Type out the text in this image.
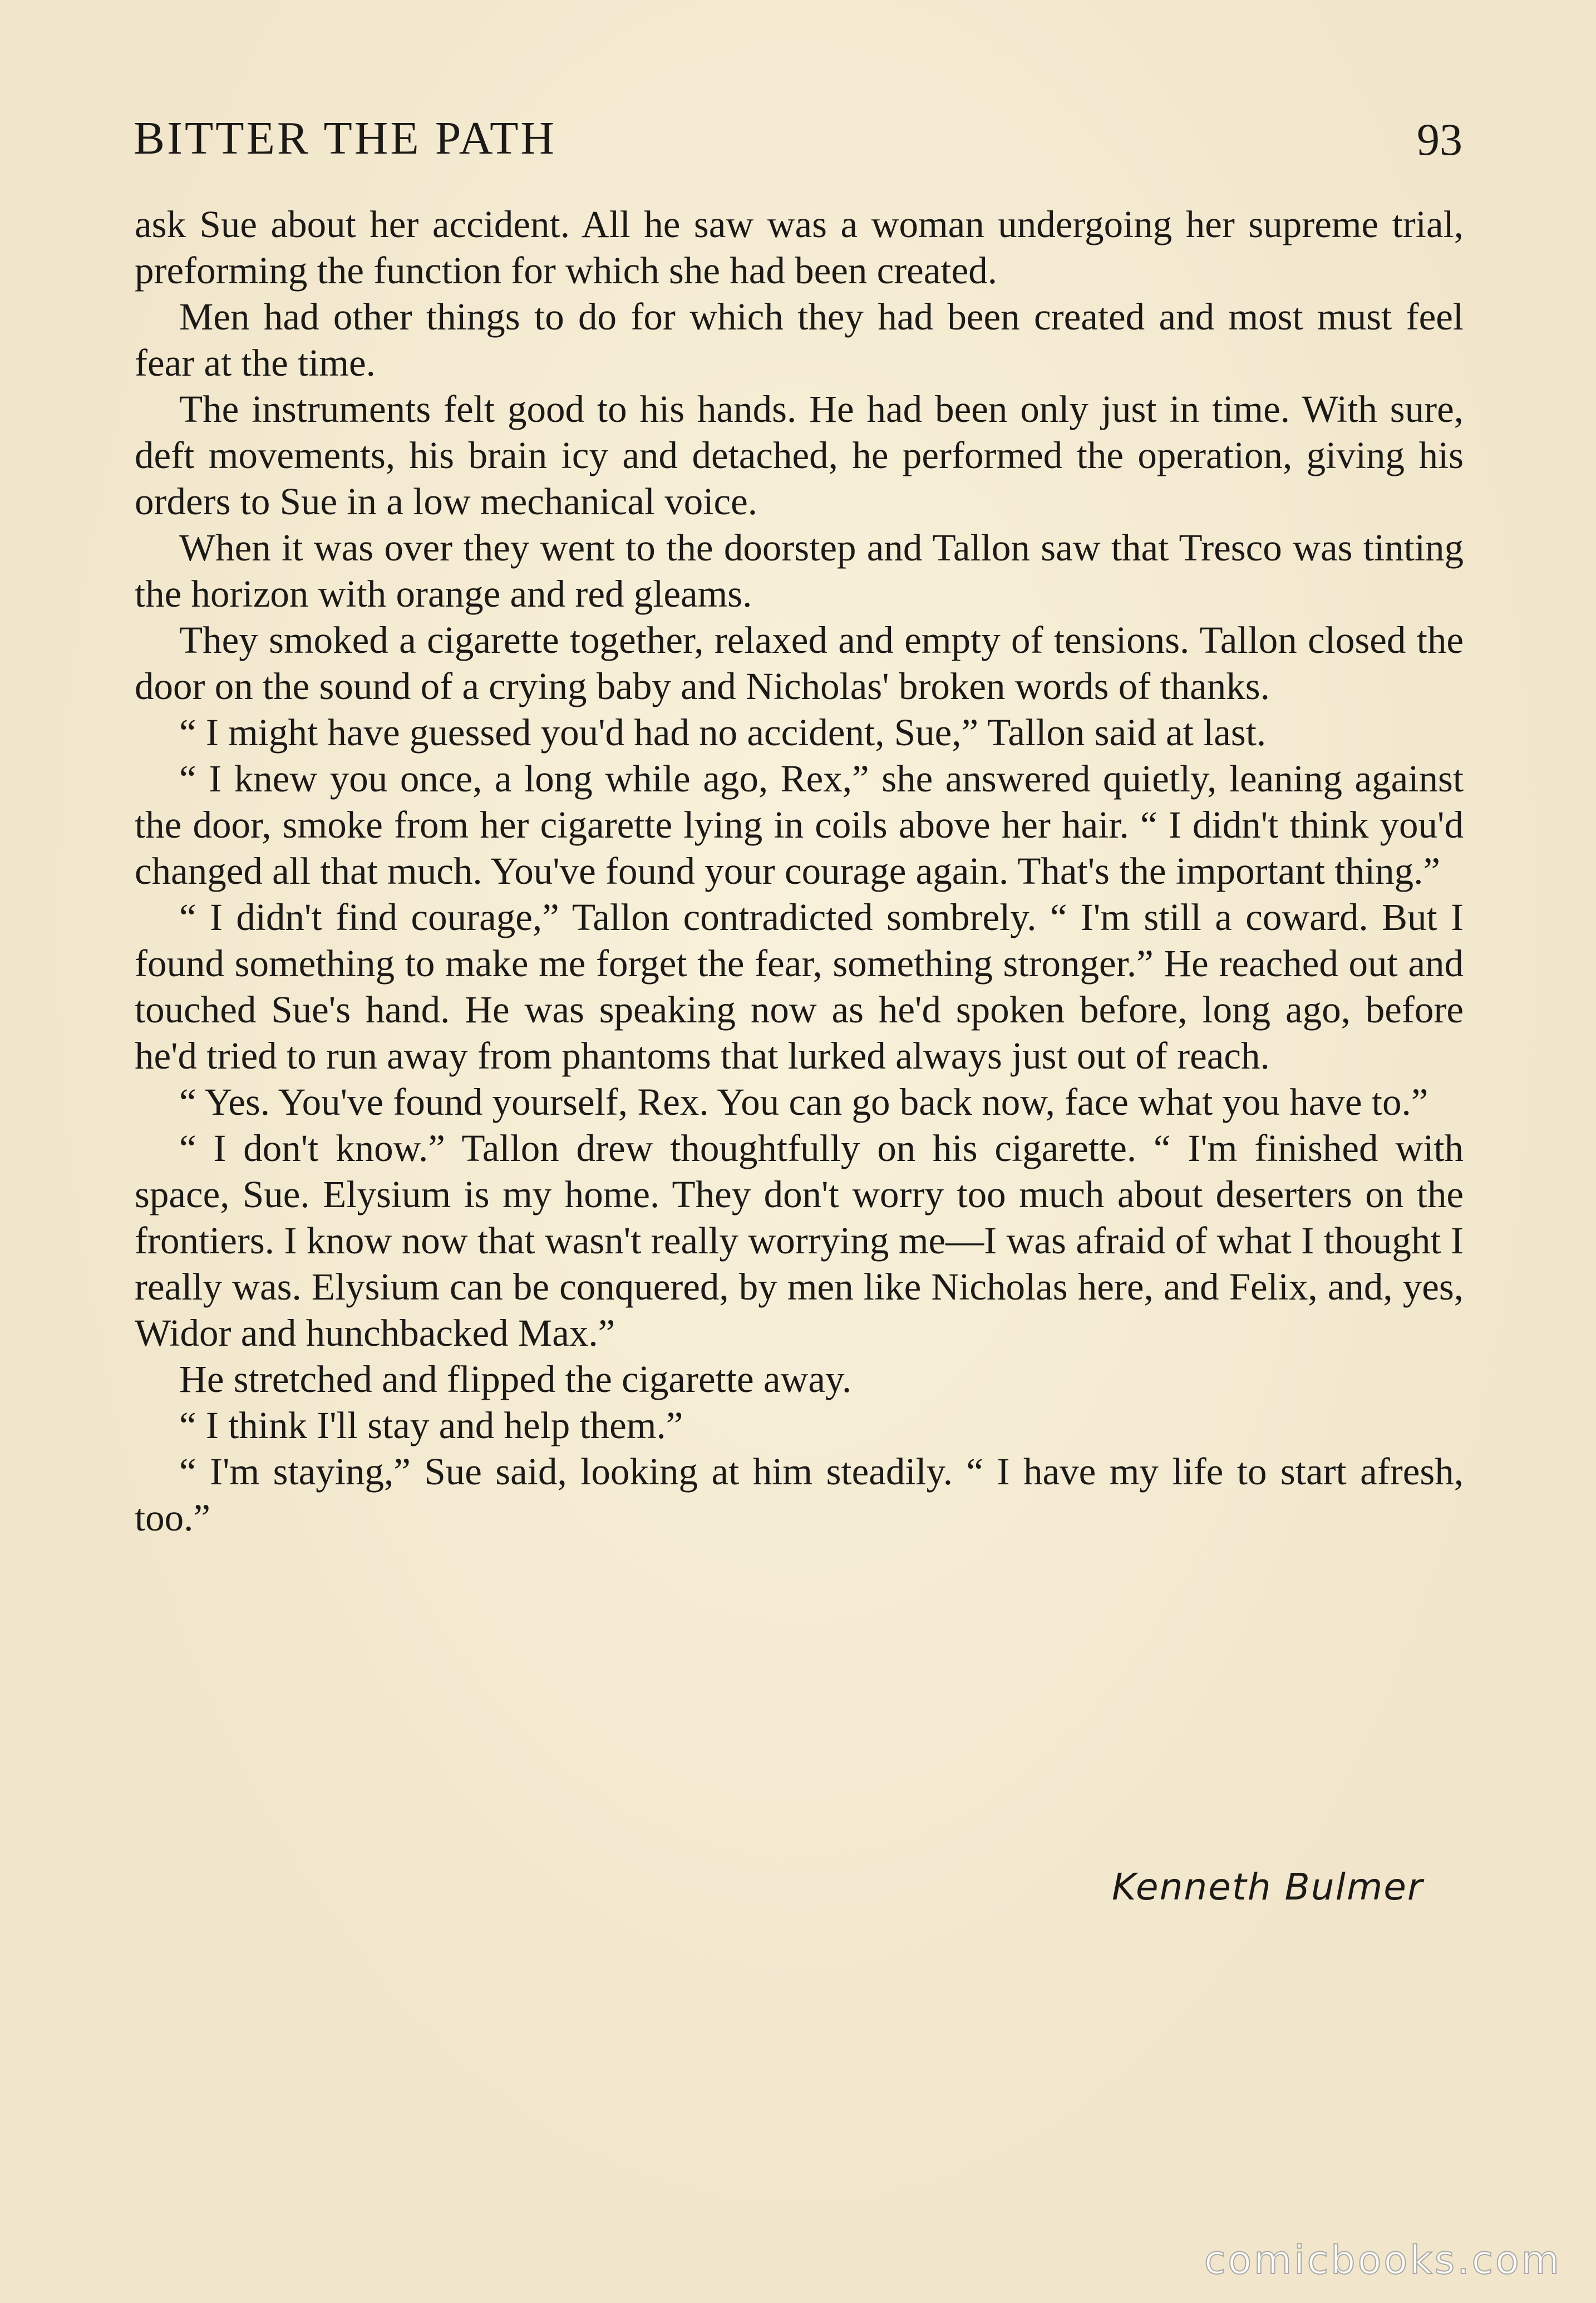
BITTER THE PATH	93

ask Sue about her accident. All he saw was a woman undergoing her supreme trial, preforming the function for which she had been created.

Men had other things to do for which they had been created and most must feel fear at the time.

The instruments felt good to his hands. He had been only just in time. With sure, deft movements, his brain icy and detached, he performed the operation, giving his orders to Sue in a low mechanical voice.

When it was over they went to the doorstep and Tallon saw that Tresco was tinting the horizon with orange and red gleams.

They smoked a cigarette together, relaxed and empty of tensions. Tallon closed the door on the sound of a crying baby and Nicholas' broken words of thanks.

“ I might have guessed you'd had no accident, Sue,” Tallon said at last.

“ I knew you once, a long while ago, Rex,” she answered quietly, leaning against the door, smoke from her cigarette lying in coils above her hair. “ I didn't think you'd changed all that much. You've found your courage again. That's the important thing.”

“ I didn't find courage,” Tallon contradicted sombrely. “ I'm still a coward. But I found something to make me forget the fear, something stronger.” He reached out and touched Sue's hand. He was speaking now as he'd spoken before, long ago, before he'd tried to run away from phantoms that lurked always just out of reach.

“ Yes. You've found yourself, Rex. You can go back now, face what you have to.”

“ I don't know.” Tallon drew thoughtfully on his cigarette. “ I'm finished with space, Sue. Elysium is my home. They don't worry too much about deserters on the frontiers. I know now that wasn't really worrying me—I was afraid of what I thought I really was. Elysium can be conquered, by men like Nicholas here, and Felix, and, yes, Widor and hunchbacked Max.”

He stretched and flipped the cigarette away.

“ I think I'll stay and help them.”

“ I'm staying,” Sue said, looking at him steadily. “ I have my life to start afresh, too.”

Kenneth Bulmer
comicbooks.com
